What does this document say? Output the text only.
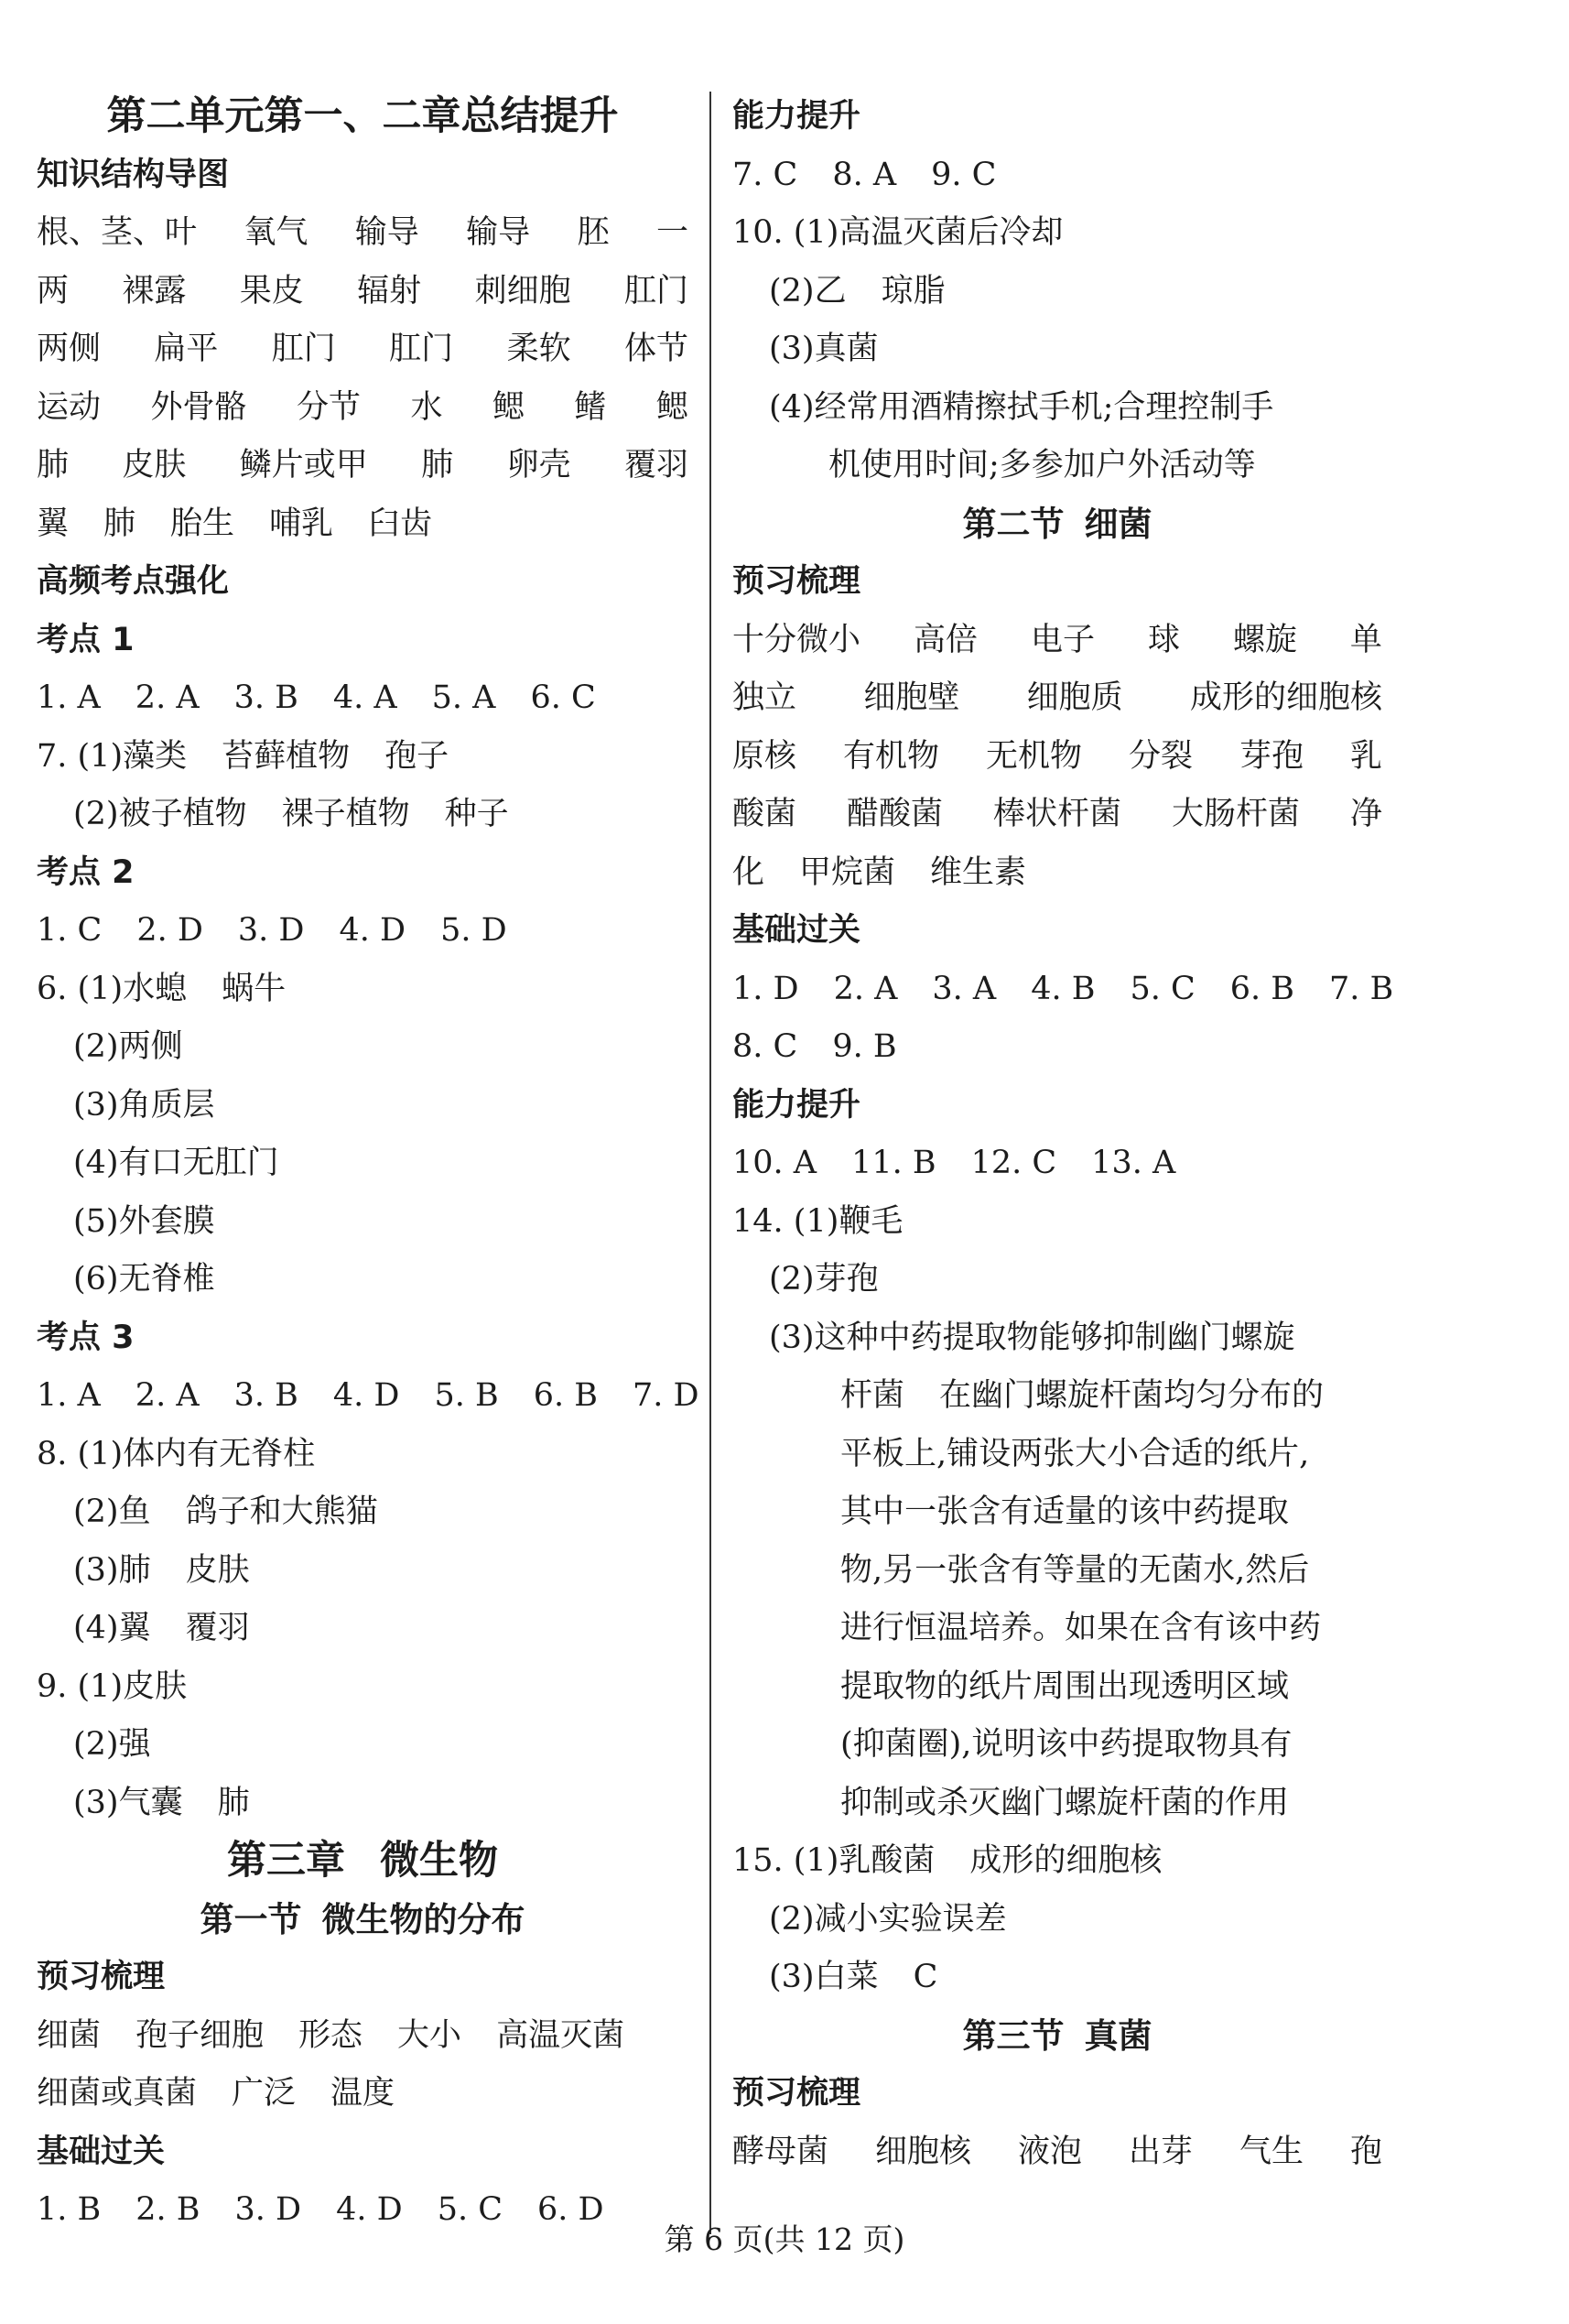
第二单元第一、二章总结提升
知识结构导图
根、茎、叶 氧气 输导 输导 胚 一
两 裸露 果皮 辐射 刺细胞 肛门
两侧 扁平 肛门 肛门 柔软 体节
运动 外骨骼 分节 水 鳃 鳍 鳃
肺 皮肤 鳞片或甲 肺 卵壳 覆羽
翼 肺 胎生 哺乳 臼齿
高频考点强化
考点 1
1. A 2. A 3. B 4. A 5. A 6. C
7. (1)藻类 苔藓植物 孢子
(2)被子植物 裸子植物 种子
考点 2
1. C 2. D 3. D 4. D 5. D
6. (1)水螅 蜗牛
(2)两侧
(3)角质层
(4)有口无肛门
(5)外套膜
(6)无脊椎
考点 3
1. A 2. A 3. B 4. D 5. B 6. B 7. D
8. (1)体内有无脊柱
(2)鱼 鸽子和大熊猫
(3)肺 皮肤
(4)翼 覆羽
9. (1)皮肤
(2)强
(3)气囊 肺
第三章 微生物
第一节 微生物的分布
预习梳理
细菌 孢子细胞 形态 大小 高温灭菌
细菌或真菌 广泛 温度
基础过关
1. B 2. B 3. D 4. D 5. C 6. D
能力提升
7. C 8. A 9. C
10. (1)高温灭菌后冷却
(2)乙 琼脂
(3)真菌
(4)经常用酒精擦拭手机;合理控制手
机使用时间;多参加户外活动等
第二节 细菌
预习梳理
十分微小 高倍 电子 球 螺旋 单
独立 细胞壁 细胞质 成形的细胞核
原核 有机物 无机物 分裂 芽孢 乳
酸菌 醋酸菌 棒状杆菌 大肠杆菌 净
化 甲烷菌 维生素
基础过关
1. D 2. A 3. A 4. B 5. C 6. B 7. B
8. C 9. B
能力提升
10. A 11. B 12. C 13. A
14. (1)鞭毛
(2)芽孢
(3)这种中药提取物能够抑制幽门螺旋
杆菌 在幽门螺旋杆菌均匀分布的
平板上,铺设两张大小合适的纸片,
其中一张含有适量的该中药提取
物,另一张含有等量的无菌水,然后
进行恒温培养。如果在含有该中药
提取物的纸片周围出现透明区域
(抑菌圈),说明该中药提取物具有
抑制或杀灭幽门螺旋杆菌的作用
15. (1)乳酸菌 成形的细胞核
(2)减小实验误差
(3)白菜 C
第三节 真菌
预习梳理
酵母菌 细胞核 液泡 出芽 气生 孢
第 6 页(共 12 页)
